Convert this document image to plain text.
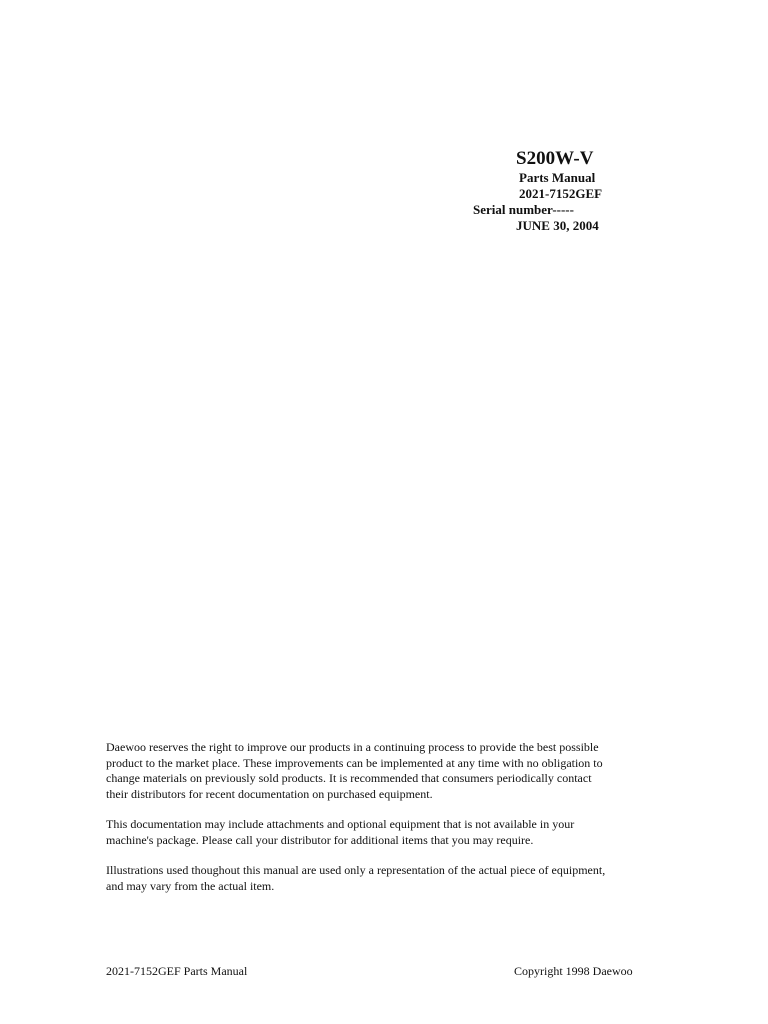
S200W-V
Parts Manual
2021-7152GEF
Serial number-----
JUNE 30, 2004

Daewoo reserves the right to improve our products in a continuing process to provide the best possible
product to the market place. These improvements can be implemented at any time with no obligation to
change materials on previously sold products. It is recommended that consumers periodically contact
their distributors for recent documentation on purchased equipment.

This documentation may include attachments and optional equipment that is not available in your
machine's package. Please call your distributor for additional items that you may require.

Illustrations used thoughout this manual are used only a representation of the actual piece of equipment,
and may vary from the actual item.

2021-7152GEF Parts Manual	Copyright 1998 Daewoo
